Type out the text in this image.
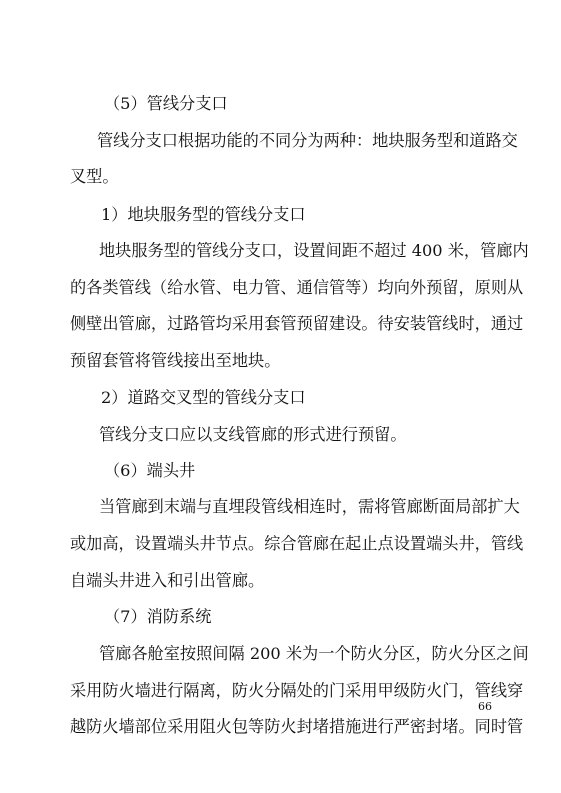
（5）管线分支口
管线分支口根据功能的不同分为两种：地块服务型和道路交
叉型。
1）地块服务型的管线分支口
地块服务型的管线分支口，设置间距不超过 400 米，管廊内
的各类管线（给水管、电力管、通信管等）均向外预留，原则从
侧壁出管廊，过路管均采用套管预留建设。待安装管线时，通过
预留套管将管线接出至地块。
2）道路交叉型的管线分支口
管线分支口应以支线管廊的形式进行预留。
（6）端头井
当管廊到末端与直埋段管线相连时，需将管廊断面局部扩大
或加高，设置端头井节点。综合管廊在起止点设置端头井，管线
自端头井进入和引出管廊。
（7）消防系统
管廊各舱室按照间隔 200 米为一个防火分区，防火分区之间
采用防火墙进行隔离，防火分隔处的门采用甲级防火门，管线穿
越防火墙部位采用阻火包等防火封堵措施进行严密封堵。同时管
66
